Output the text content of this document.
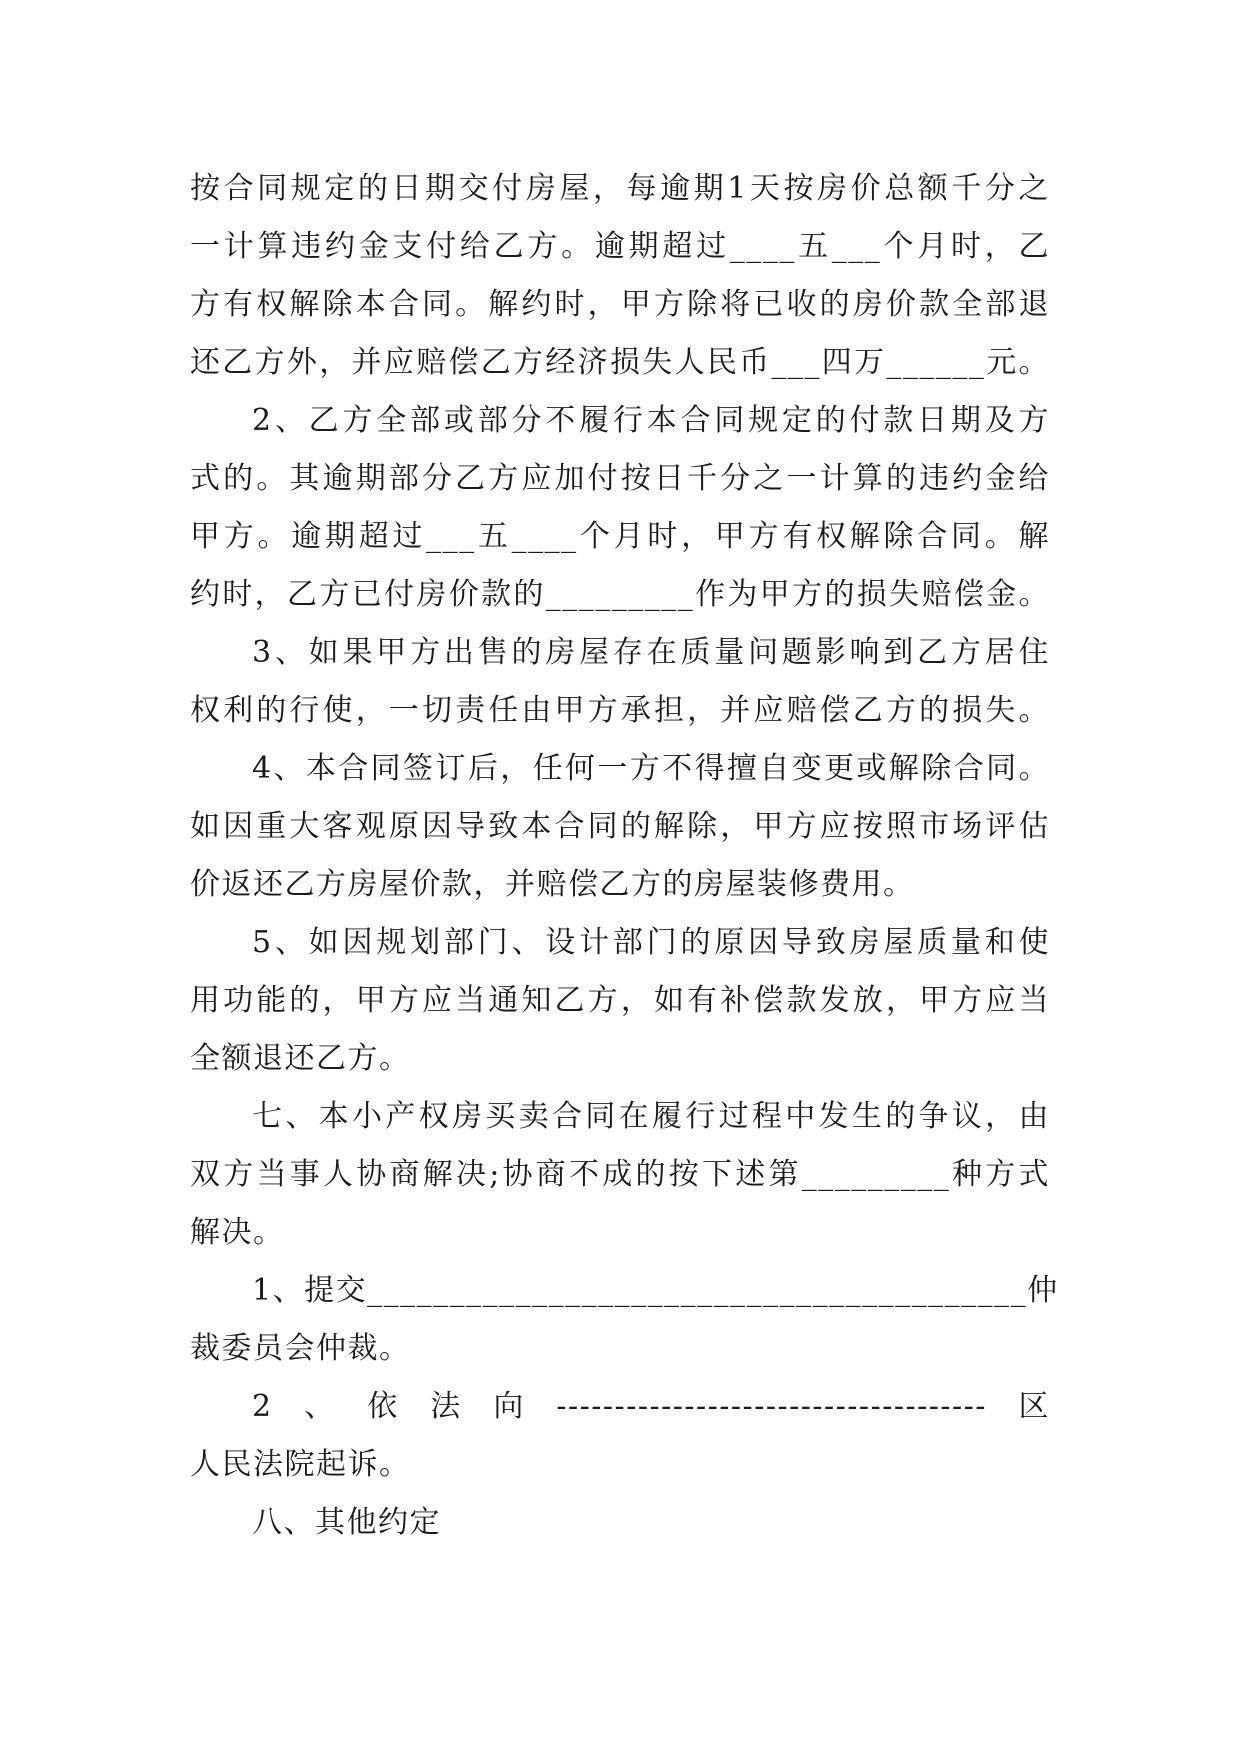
按合同规定的日期交付房屋，每逾期1天按房价总额千分之
一计算违约金支付给乙方。逾期超过____五___个月时，乙
方有权解除本合同。解约时，甲方除将已收的房价款全部退
还乙方外，并应赔偿乙方经济损失人民币___四万______元。
2、乙方全部或部分不履行本合同规定的付款日期及方
式的。其逾期部分乙方应加付按日千分之一计算的违约金给
甲方。逾期超过___五____个月时，甲方有权解除合同。解
约时，乙方已付房价款的_________作为甲方的损失赔偿金。
3、如果甲方出售的房屋存在质量问题影响到乙方居住
权利的行使，一切责任由甲方承担，并应赔偿乙方的损失。
4、本合同签订后，任何一方不得擅自变更或解除合同。
如因重大客观原因导致本合同的解除，甲方应按照市场评估
价返还乙方房屋价款，并赔偿乙方的房屋装修费用。
5、如因规划部门、设计部门的原因导致房屋质量和使
用功能的，甲方应当通知乙方，如有补偿款发放，甲方应当
全额退还乙方。
七、本小产权房买卖合同在履行过程中发生的争议，由
双方当事人协商解决;协商不成的按下述第_________种方式
解决。
1、提交________________________________________仲
裁委员会仲裁。
2、依法向-------------------------------------区
人民法院起诉。
八、其他约定
